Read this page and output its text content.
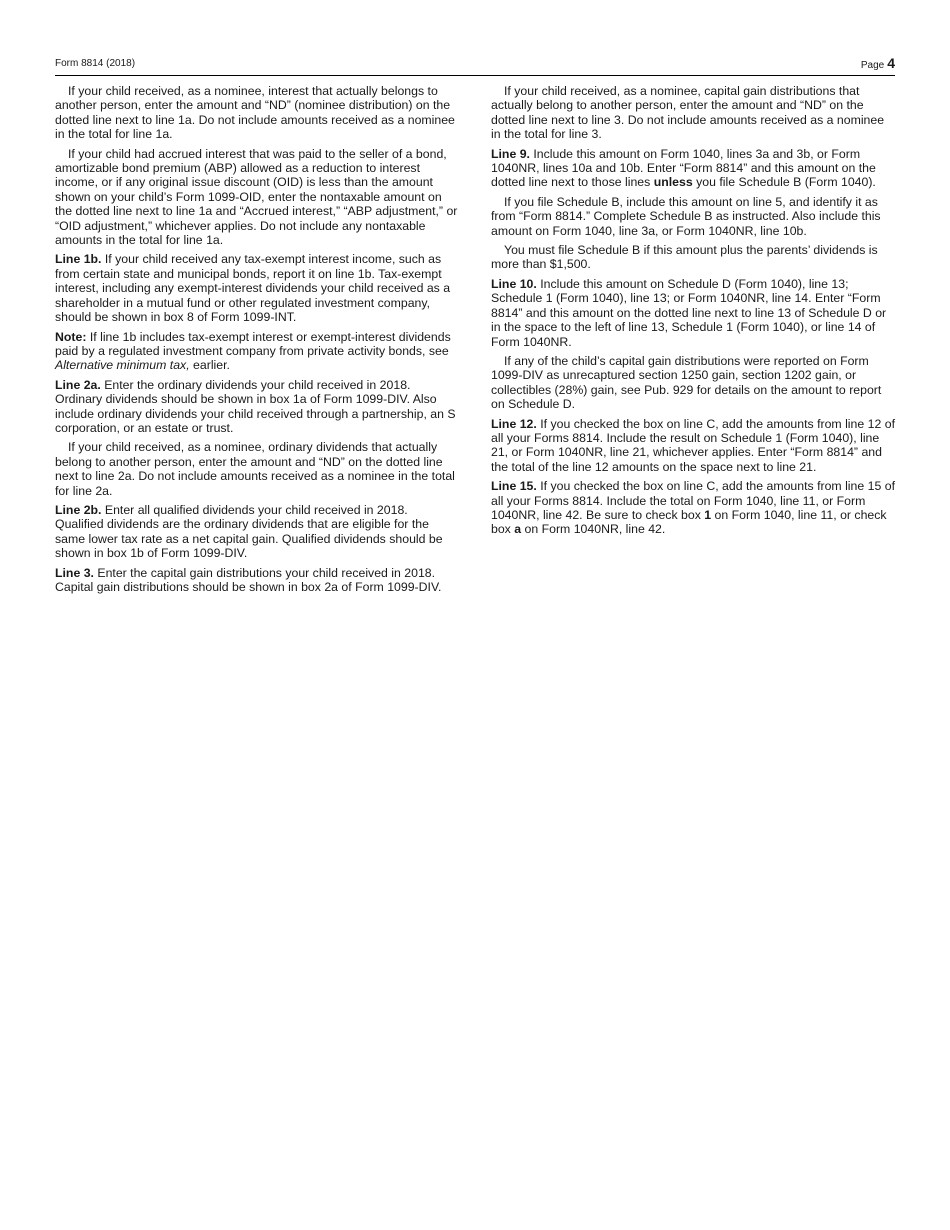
Form 8814 (2018)	Page 4

If your child received, as a nominee, interest that actually belongs to another person, enter the amount and “ND” (nominee distribution) on the dotted line next to line 1a. Do not include amounts received as a nominee in the total for line 1a.

If your child had accrued interest that was paid to the seller of a bond, amortizable bond premium (ABP) allowed as a reduction to interest income, or if any original issue discount (OID) is less than the amount shown on your child’s Form 1099-OID, enter the nontaxable amount on the dotted line next to line 1a and “Accrued interest,” “ABP adjustment,” or “OID adjustment,” whichever applies. Do not include any nontaxable amounts in the total for line 1a.

Line 1b. If your child received any tax-exempt interest income, such as from certain state and municipal bonds, report it on line 1b. Tax-exempt interest, including any exempt-interest dividends your child received as a shareholder in a mutual fund or other regulated investment company, should be shown in box 8 of Form 1099-INT.

Note: If line 1b includes tax-exempt interest or exempt-interest dividends paid by a regulated investment company from private activity bonds, see Alternative minimum tax, earlier.

Line 2a. Enter the ordinary dividends your child received in 2018. Ordinary dividends should be shown in box 1a of Form 1099-DIV. Also include ordinary dividends your child received through a partnership, an S corporation, or an estate or trust.

If your child received, as a nominee, ordinary dividends that actually belong to another person, enter the amount and “ND” on the dotted line next to line 2a. Do not include amounts received as a nominee in the total for line 2a.

Line 2b. Enter all qualified dividends your child received in 2018. Qualified dividends are the ordinary dividends that are eligible for the same lower tax rate as a net capital gain. Qualified dividends should be shown in box 1b of Form 1099-DIV.

Line 3. Enter the capital gain distributions your child received in 2018. Capital gain distributions should be shown in box 2a of Form 1099-DIV.

If your child received, as a nominee, capital gain distributions that actually belong to another person, enter the amount and “ND” on the dotted line next to line 3. Do not include amounts received as a nominee in the total for line 3.

Line 9. Include this amount on Form 1040, lines 3a and 3b, or Form 1040NR, lines 10a and 10b. Enter “Form 8814” and this amount on the dotted line next to those lines unless you file Schedule B (Form 1040).

If you file Schedule B, include this amount on line 5, and identify it as from “Form 8814.” Complete Schedule B as instructed. Also include this amount on Form 1040, line 3a, or Form 1040NR, line 10b.

You must file Schedule B if this amount plus the parents’ dividends is more than $1,500.

Line 10. Include this amount on Schedule D (Form 1040), line 13; Schedule 1 (Form 1040), line 13; or Form 1040NR, line 14. Enter “Form 8814” and this amount on the dotted line next to line 13 of Schedule D or in the space to the left of line 13, Schedule 1 (Form 1040), or line 14 of Form 1040NR.

If any of the child’s capital gain distributions were reported on Form 1099-DIV as unrecaptured section 1250 gain, section 1202 gain, or collectibles (28%) gain, see Pub. 929 for details on the amount to report on Schedule D.

Line 12. If you checked the box on line C, add the amounts from line 12 of all your Forms 8814. Include the result on Schedule 1 (Form 1040), line 21, or Form 1040NR, line 21, whichever applies. Enter “Form 8814” and the total of the line 12 amounts on the space next to line 21.

Line 15. If you checked the box on line C, add the amounts from line 15 of all your Forms 8814. Include the total on Form 1040, line 11, or Form 1040NR, line 42. Be sure to check box 1 on Form 1040, line 11, or check box a on Form 1040NR, line 42.
